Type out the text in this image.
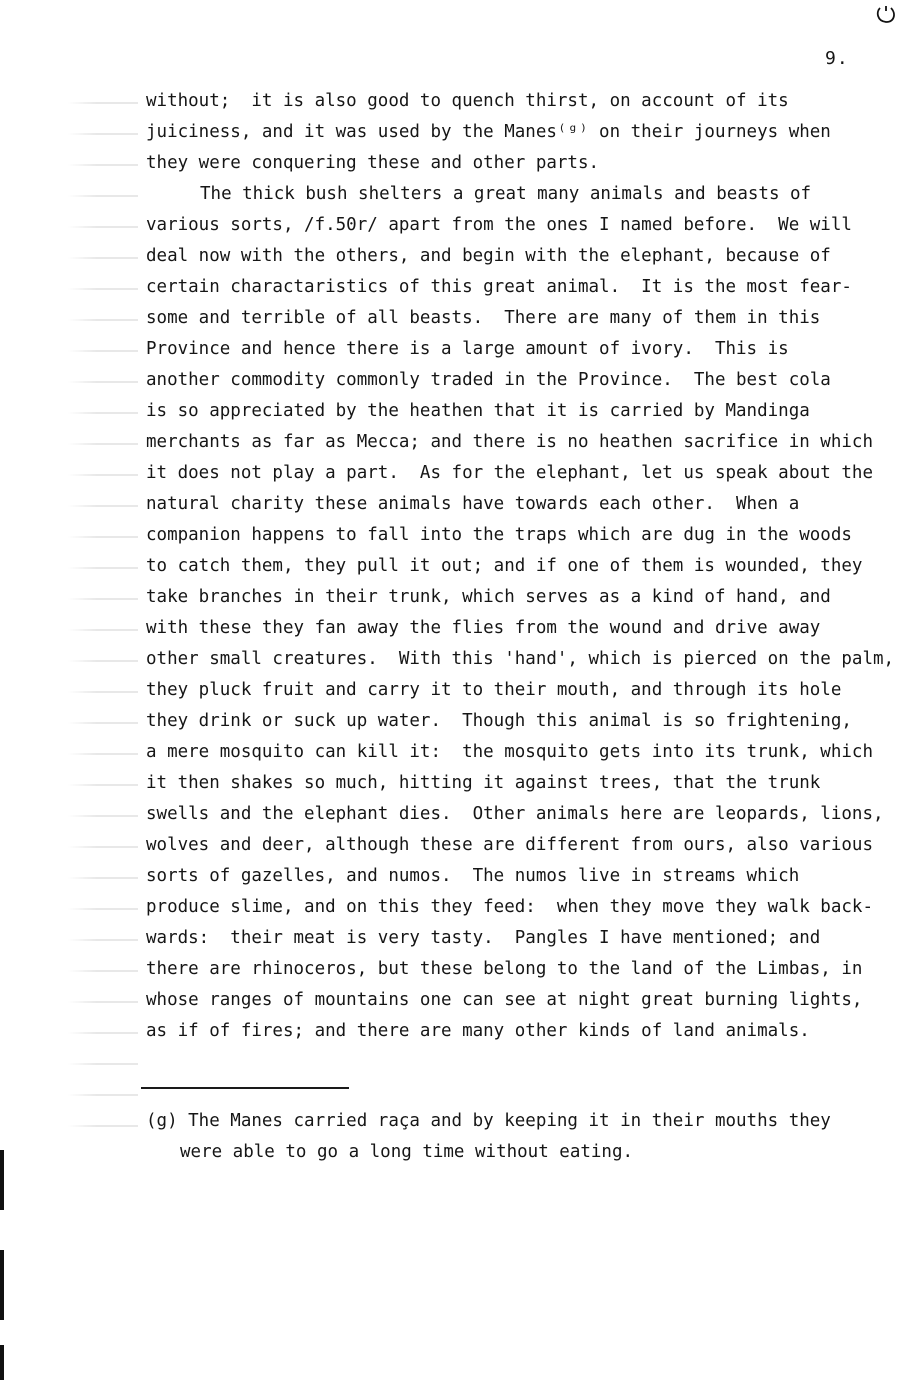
9.
without;  it is also good to quench thirst, on account of its
juiciness, and it was used by the Manes⁽ᵍ⁾ on their journeys when
they were conquering these and other parts.
The thick bush shelters a great many animals and beasts of
various sorts, /f.50r/ apart from the ones I named before.  We will
deal now with the others, and begin with the elephant, because of
certain charactaristics of this great animal.  It is the most fear-
some and terrible of all beasts.  There are many of them in this
Province and hence there is a large amount of ivory.  This is
another commodity commonly traded in the Province.  The best cola
is so appreciated by the heathen that it is carried by Mandinga
merchants as far as Mecca; and there is no heathen sacrifice in which
it does not play a part.  As for the elephant, let us speak about the
natural charity these animals have towards each other.  When a
companion happens to fall into the traps which are dug in the woods
to catch them, they pull it out; and if one of them is wounded, they
take branches in their trunk, which serves as a kind of hand, and
with these they fan away the flies from the wound and drive away
other small creatures.  With this 'hand', which is pierced on the palm,
they pluck fruit and carry it to their mouth, and through its hole
they drink or suck up water.  Though this animal is so frightening,
a mere mosquito can kill it:  the mosquito gets into its trunk, which
it then shakes so much, hitting it against trees, that the trunk
swells and the elephant dies.  Other animals here are leopards, lions,
wolves and deer, although these are different from ours, also various
sorts of gazelles, and numos.  The numos live in streams which
produce slime, and on this they feed:  when they move they walk back-
wards:  their meat is very tasty.  Pangles I have mentioned; and
there are rhinoceros, but these belong to the land of the Limbas, in
whose ranges of mountains one can see at night great burning lights,
as if of fires; and there are many other kinds of land animals.
(g) The Manes carried raça and by keeping it in their mouths they
were able to go a long time without eating.
